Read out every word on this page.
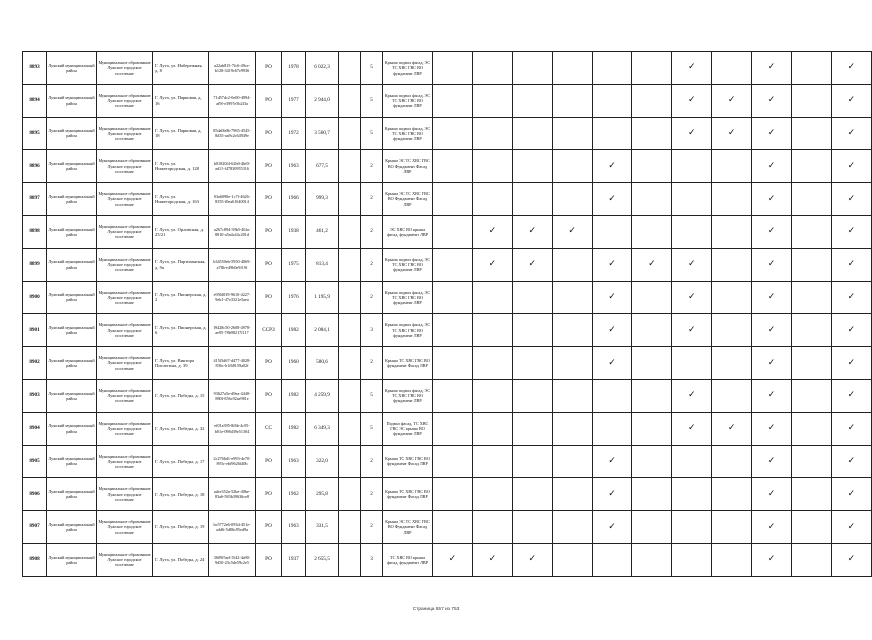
8893	Лужский муниципальный район	Муниципальное образование Лужское городское поселение	Г. Луга, ул. Набережная, д. 8	a22ab815-7fc6-49ce-b128-3419c67e9936	РО	1978	6 022,3		5	Крыша подвал фасад, ЭС ТС ХВС ГВС ВО фундамент ЛВР							✓		✓		✓
8894	Лужский муниципальный район	Муниципальное образование Лужское городское поселение	Г. Луга, ул. Парковая, д. 16	71d57dc2-0e00-4994-af9f-e3997e5b2f3a	РО	1977	2 944,0		5	Крыша подвал фасад, ЭС ТС ХВС ГВС ВО фундамент ЛВР							✓	✓	✓		✓
8895	Лужский муниципальный район	Муниципальное образование Лужское городское поселение	Г. Луга, ул. Парковая, д. 18	85da0b0b-7965-4545-8d35-aa9c2c64949e	РО	1972	3 560,7		5	Крыша подвал фасад, ЭС ТС ХВС ГВС ВО фундамент ЛВР							✓	✓	✓		✓
8896	Лужский муниципальный район	Муниципальное образование Лужское городское поселение	Г. Луга, ул. Нижегородская, д. 128	b01820f4-62b0-4bf0-ad11-f47830955316	РО	1963	677,5		2	Крыша ЭС ТС ХВС ГВС ВО Фундамент Фасад ЛВР					✓				✓		✓
8897	Лужский муниципальный район	Муниципальное образование Лужское городское поселение	Г. Луга, ул. Нижегородская, д. 163	03a6090e-1c7f-4626-8355-f0ea61640014	РО	1966	999,3		2	Крыша ЭС ТС ХВС ГВС ВО Фундамент Фасад ЛВР					✓				✓		✓
8898	Лужский муниципальный район	Муниципальное образование Лужское городское поселение	Г. Луга, ул. Орловская, д. 25/21	a267c894-39b5-46fa-8810-a5a4c44c201d	РО	1938	461,2		2	ЭС ХВС ВО крыша фасад, фундамент ЛВР		✓	✓	✓					✓		✓
8899	Лужский муниципальный район	Муниципальное образование Лужское городское поселение	Г. Луга, ул. Партизанская, д. 9а	b34550eb-5950-4069-a78b-e49b0e9f19f	РО	1975	813,4		2	Крыша подвал фасад, ЭС ТС ХВС ГВС ВО фундамент ЛВР		✓	✓		✓	✓	✓		✓		✓
8900	Лужский муниципальный район	Муниципальное образование Лужское городское поселение	Г. Луга, ул. Пионерская, д. 2	e956f039-9610-4227-9eb1-47e3321e5aea	РО	1976	1 195,9		2	Крыша подвал фасад, ЭС ТС ХВС ГВС ВО фундамент ЛВР					✓		✓		✓		✓
8901	Лужский муниципальный район	Муниципальное образование Лужское городское поселение	Г. Луга, ул. Пионерская, д. 6	f9428c50-2608-4978-ae95-78b98217f117	ССРЗ	1982	2 084,1		3	Крыша подвал фасад, ЭС ТС ХВС ГВС ВО фундамент ЛВР					✓		✓		✓		✓
8902	Лужский муниципальный район	Муниципальное образование Лужское городское поселение	Г. Луга, ул. Виктора Пислегина, д. 39	415f5d67-d477-4028-836c-b1f68159a02f	РО	1960	580,6		2	Крыша ТС ХВС ГВС ВО фундамент Фасад ЛВР					✓				✓		✓
8903	Лужский муниципальный район	Муниципальное образование Лужское городское поселение	Г. Луга, ул. Победы, д. 15	93627a5e-d9ea-4440-880f-656c92ae981e	РО	1982	4 259,9		5	Крыша подвал фасад, ЭС ТС ХВС ГВС ВО фундамент ЛВР							✓		✓		✓
8904	Лужский муниципальный район	Муниципальное образование Лужское городское поселение	Г. Луга, ул. Победы, д. 32	ef01a395-8f6b-4c95-b01e-098d39e51304	СС	1982	6 349,3		5	Подвал фасад, ТС ХВС ГВС ЭС крыша ВО фундамент ЛВР							✓	✓	✓		✓
8905	Лужский муниципальный район	Муниципальное образование Лужское городское поселение	Г. Луга, ул. Победы, д. 17	2c2766d1-e993-4e70-893c-ebf9626f40b	РО	1963	322,0		2	Крыша ТС ХВС ГВС ВО фундамент Фасад ЛВР					✓				✓		✓
8906	Лужский муниципальный район	Муниципальное образование Лужское городское поселение	Г. Луга, ул. Победы, д. 18	adce352a-52be-40be-83a6-583b39636ce8	РО	1962	295,8		2	Крыша ТС ХВС ГВС ВО фундамент Фасад ЛВР					✓				✓		✓
8907	Лужский муниципальный район	Муниципальное образование Лужское городское поселение	Г. Луга, ул. Победы, д. 19	bc5772e6-093d-451e-a4d6-5d86c95ed9a	РО	1963	331,5		2	Крыша ЭС ТС ХВС ГВС ВО Фундамент Фасад ЛВР					✓				✓		✓
8908	Лужский муниципальный район	Муниципальное образование Лужское городское поселение	Г. Луга, ул. Победы, д. 24	3609f5ad-1542-4a90-9d50-23c5de59c2e5	РО	1937	2 655,5		3	ТС ХВС ВО крыша фасад, фундамент ЛВР	✓	✓	✓						✓		✓
Страница 557 из 753
